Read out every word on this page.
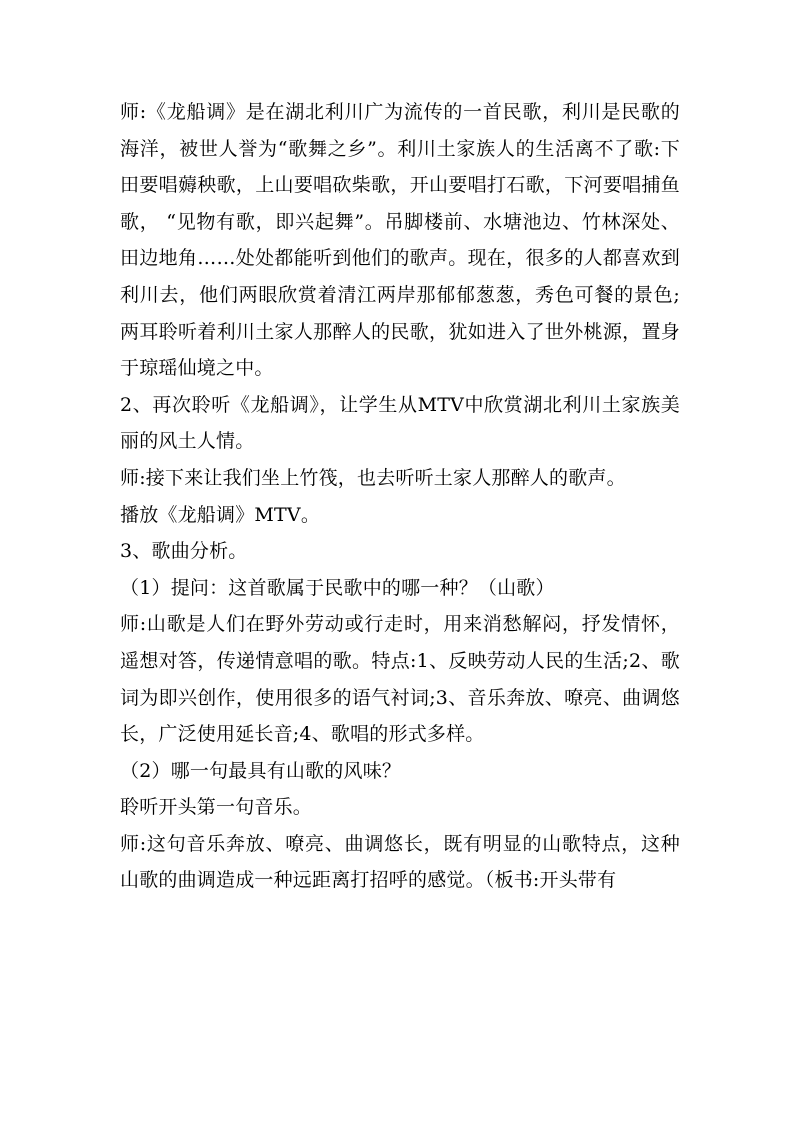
师:《龙船调》是在湖北利川广为流传的一首民歌，利川是民歌的海洋，被世人誉为“歌舞之乡”。利川土家族人的生活离不了歌:下田要唱薅秧歌，上山要唱砍柴歌，开山要唱打石歌，下河要唱捕鱼歌， “见物有歌，即兴起舞”。吊脚楼前、水塘池边、竹林深处、田边地角……处处都能听到他们的歌声。现在，很多的人都喜欢到利川去，他们两眼欣赏着清江两岸那郁郁葱葱，秀色可餐的景色;两耳聆听着利川土家人那醉人的民歌，犹如进入了世外桃源，置身于琼瑶仙境之中。

2、再次聆听《龙船调》，让学生从MTV中欣赏湖北利川土家族美丽的风土人情。

师:接下来让我们坐上竹筏，也去听听土家人那醉人的歌声。

播放《龙船调》MTV。

3、歌曲分析。

（1）提问：这首歌属于民歌中的哪一种？（山歌）

师:山歌是人们在野外劳动或行走时，用来消愁解闷，抒发情怀，遥想对答，传递情意唱的歌。特点:1、反映劳动人民的生活;2、歌词为即兴创作，使用很多的语气衬词;3、音乐奔放、嘹亮、曲调悠长，广泛使用延长音;4、歌唱的形式多样。

（2）哪一句最具有山歌的风味？

聆听开头第一句音乐。

师:这句音乐奔放、嘹亮、曲调悠长，既有明显的山歌特点，这种山歌的曲调造成一种远距离打招呼的感觉。（板书:开头带有
